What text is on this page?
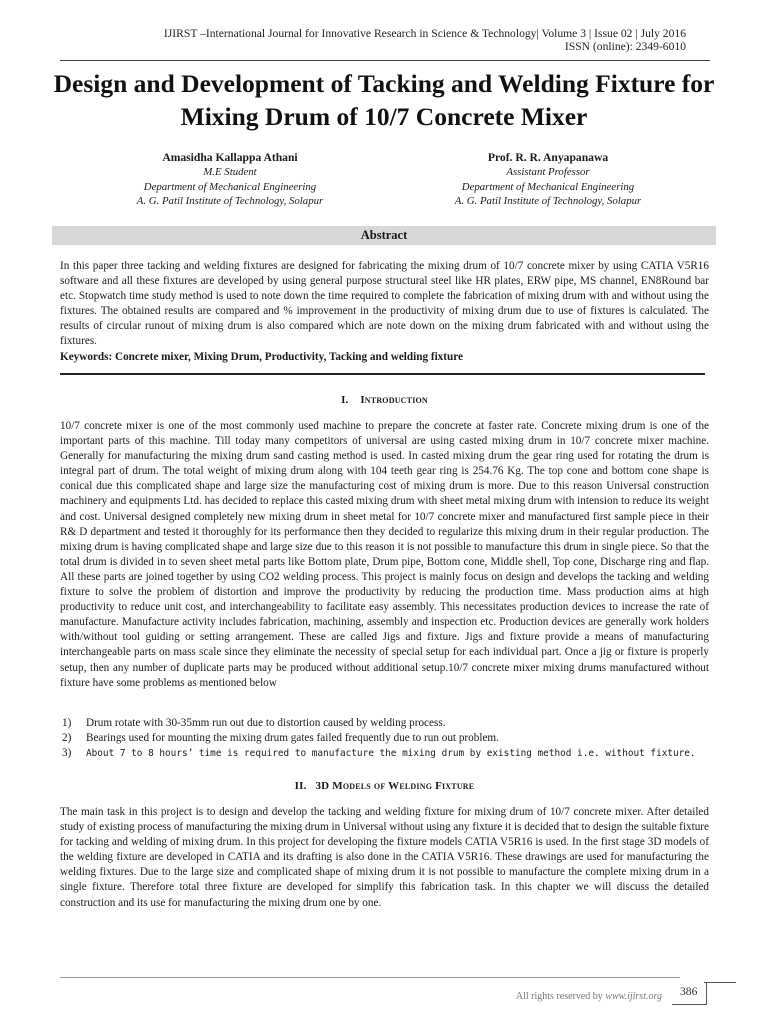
IJIRST –International Journal for Innovative Research in Science & Technology| Volume 3 | Issue 02 | July 2016
ISSN (online): 2349-6010
Design and Development of Tacking and Welding Fixture for Mixing Drum of 10/7 Concrete Mixer
Amasidha Kallappa Athani
M.E Student
Department of Mechanical Engineering
A. G. Patil Institute of Technology, Solapur
Prof. R. R. Anyapanawa
Assistant Professor
Department of Mechanical Engineering
A. G. Patil Institute of Technology, Solapur
Abstract
In this paper three tacking and welding fixtures are designed for fabricating the mixing drum of 10/7 concrete mixer by using CATIA V5R16 software and all these fixtures are developed by using general purpose structural steel like HR plates, ERW pipe, MS channel, EN8Round bar etc. Stopwatch time study method is used to note down the time required to complete the fabrication of mixing drum with and without using the fixtures. The obtained results are compared and % improvement in the productivity of mixing drum due to use of fixtures is calculated. The results of circular runout of mixing drum is also compared which are note down on the mixing drum fabricated with and without using the fixtures.
Keywords: Concrete mixer, Mixing Drum, Productivity, Tacking and welding fixture
I. Introduction
10/7 concrete mixer is one of the most commonly used machine to prepare the concrete at faster rate. Concrete mixing drum is one of the important parts of this machine. Till today many competitors of universal are using casted mixing drum in 10/7 concrete mixer machine. Generally for manufacturing the mixing drum sand casting method is used. In casted mixing drum the gear ring used for rotating the drum is integral part of drum. The total weight of mixing drum along with 104 teeth gear ring is 254.76 Kg. The top cone and bottom cone shape is conical due this complicated shape and large size the manufacturing cost of mixing drum is more. Due to this reason Universal construction machinery and equipments Ltd. has decided to replace this casted mixing drum with sheet metal mixing drum with intension to reduce its weight and cost. Universal designed completely new mixing drum in sheet metal for 10/7 concrete mixer and manufactured first sample piece in their R& D department and tested it thoroughly for its performance then they decided to regularize this mixing drum in their regular production. The mixing drum is having complicated shape and large size due to this reason it is not possible to manufacture this drum in single piece. So that the total drum is divided in to seven sheet metal parts like Bottom plate, Drum pipe, Bottom cone, Middle shell, Top cone, Discharge ring and flap. All these parts are joined together by using CO2 welding process. This project is mainly focus on design and develops the tacking and welding fixture to solve the problem of distortion and improve the productivity by reducing the production time. Mass production aims at high productivity to reduce unit cost, and interchangeability to facilitate easy assembly. This necessitates production devices to increase the rate of manufacture. Manufacture activity includes fabrication, machining, assembly and inspection etc. Production devices are generally work holders with/without tool guiding or setting arrangement. These are called Jigs and fixture. Jigs and fixture provide a means of manufacturing interchangeable parts on mass scale since they eliminate the necessity of special setup for each individual part. Once a jig or fixture is properly setup, then any number of duplicate parts may be produced without additional setup.10/7 concrete mixer mixing drums manufactured without fixture have some problems as mentioned below
1) Drum rotate with 30-35mm run out due to distortion caused by welding process.
2) Bearings used for mounting the mixing drum gates failed frequently due to run out problem.
3) About 7 to 8 hours’ time is required to manufacture the mixing drum by existing method i.e. without fixture.
II. 3D Models of Welding Fixture
The main task in this project is to design and develop the tacking and welding fixture for mixing drum of 10/7 concrete mixer. After detailed study of existing process of manufacturing the mixing drum in Universal without using any fixture it is decided that to design the suitable fixture for tacking and welding of mixing drum. In this project for developing the fixture models CATIA V5R16 is used. In the first stage 3D models of the welding fixture are developed in CATIA and its drafting is also done in the CATIA V5R16. These drawings are used for manufacturing the welding fixtures. Due to the large size and complicated shape of mixing drum it is not possible to manufacture the complete mixing drum in a single fixture. Therefore total three fixture are developed for simplify this fabrication task. In this chapter we will discuss the detailed construction and its use for manufacturing the mixing drum one by one.
All rights reserved by www.ijirst.org 386
